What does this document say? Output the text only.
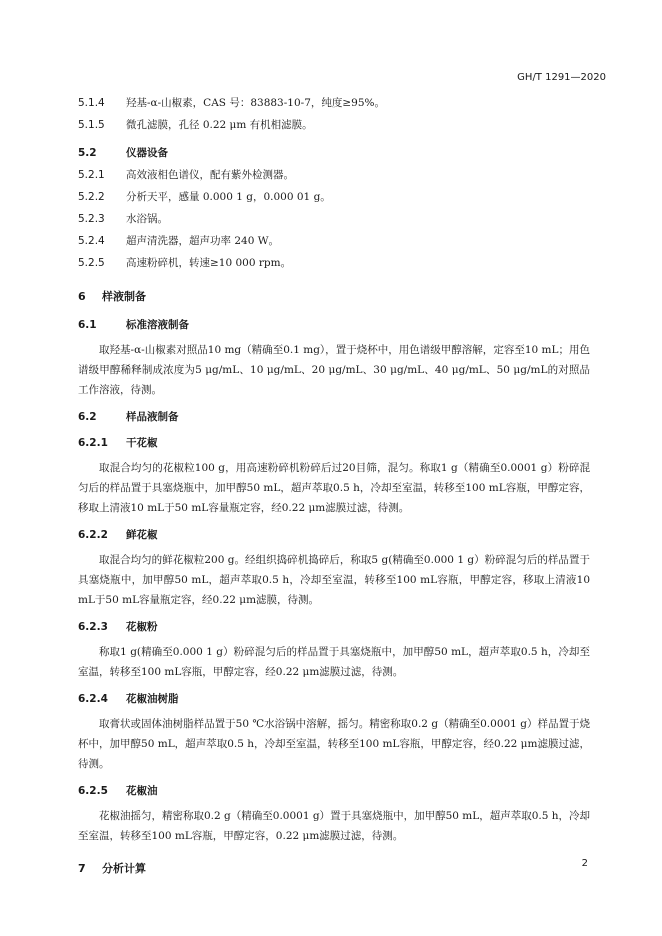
GH/T 1291—2020
5.1.4 羟基-α-山椒素，CAS 号：83883-10-7，纯度≥95%。
5.1.5 微孔滤膜，孔径 0.22 μm 有机相滤膜。
5.2	仪器设备
5.2.1 高效液相色谱仪，配有紫外检测器。
5.2.2 分析天平，感量 0.000 1 g，0.000 01 g。
5.2.3 水浴锅。
5.2.4 超声清洗器，超声功率 240 W。
5.2.5 高速粉碎机，转速≥10 000 rpm。
6 样液制备
6.1	标准溶液制备
取羟基-α-山椒素对照品10 mg（精确至0.1 mg），置于烧杯中，用色谱级甲醇溶解，定容至10 mL；用色谱级甲醇稀释制成浓度为5 μg/mL、10 μg/mL、20 μg/mL、30 μg/mL、40 μg/mL、50 μg/mL的对照品工作溶液，待测。
6.2	样品液制备
6.2.1 干花椒
取混合均匀的花椒粒100 g，用高速粉碎机粉碎后过20目筛，混匀。称取1 g（精确至0.0001 g）粉碎混匀后的样品置于具塞烧瓶中，加甲醇50 mL，超声萃取0.5 h，冷却至室温，转移至100 mL容瓶，甲醇定容，移取上清液10 mL于50 mL容量瓶定容，经0.22 μm滤膜过滤，待测。
6.2.2 鲜花椒
取混合均匀的鲜花椒粒200 g。经组织捣碎机捣碎后，称取5 g(精确至0.000 1 g）粉碎混匀后的样品置于具塞烧瓶中，加甲醇50 mL，超声萃取0.5 h，冷却至室温，转移至100 mL容瓶，甲醇定容，移取上清液10 mL于50 mL容量瓶定容，经0.22 μm滤膜，待测。
6.2.3 花椒粉
称取1 g(精确至0.000 1 g）粉碎混匀后的样品置于具塞烧瓶中，加甲醇50 mL，超声萃取0.5 h，冷却至室温，转移至100 mL容瓶，甲醇定容，经0.22 μm滤膜过滤，待测。
6.2.4 花椒油树脂
取膏状或固体油树脂样品置于50 ℃水浴锅中溶解，摇匀。精密称取0.2 g（精确至0.0001 g）样品置于烧杯中，加甲醇50 mL，超声萃取0.5 h，冷却至室温，转移至100 mL容瓶，甲醇定容，经0.22 μm滤膜过滤，待测。
6.2.5 花椒油
花椒油摇匀，精密称取0.2 g（精确至0.0001 g）置于具塞烧瓶中，加甲醇50 mL，超声萃取0.5 h，冷却至室温，转移至100 mL容瓶，甲醇定容，0.22 μm滤膜过滤，待测。
7 分析计算	2
